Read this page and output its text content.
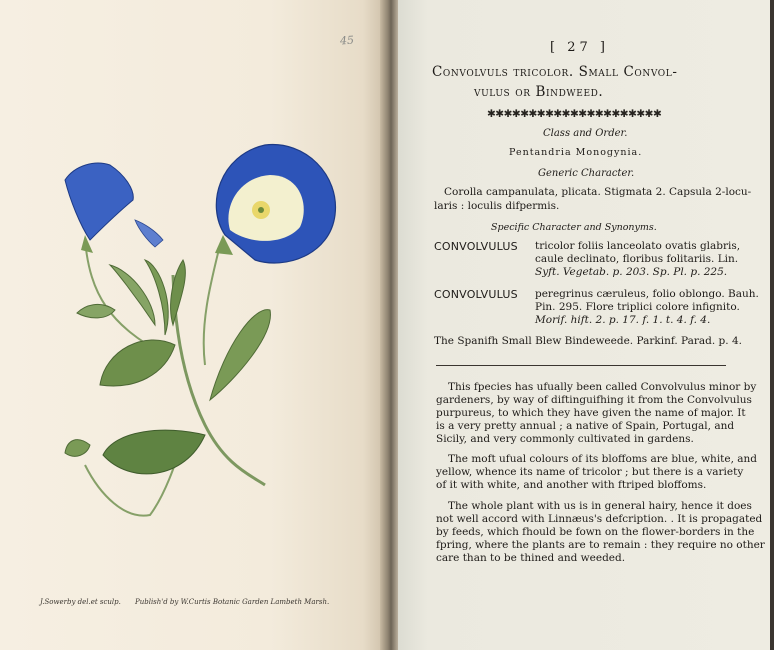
45
J.Sowerby del.et sculp. Publish'd by W.Curtis Botanic Garden Lambeth Marsh.
[ 27 ]
Convolvuls tricolor. Small Convol-
vulus or Bindweed.
✱✱✱✱✱✱✱✱✱✱✱✱✱✱✱✱✱✱✱✱✱
Class and Order.
Pentandria Monogynia.
Generic Character.
Corolla campanulata, plicata. Stigmata 2. Capsula 2-locu-
laris : loculis difpermis.
Specific Character and Synonyms.
CONVOLVULUS tricolor foliis lanceolato ovatis glabris,
caule declinato, floribus folitariis. Lin.
Syft. Vegetab. p. 203. Sp. Pl. p. 225.
CONVOLVULUS peregrinus cæruleus, folio oblongo. Bauh.
Pin. 295. Flore triplici colore infignito.
Morif. hift. 2. p. 17. f. 1. t. 4. f. 4.
The Spanifh Small Blew Bindeweede. Parkinf. Parad. p. 4.
This fpecies has ufually been called Convolvulus minor by
gardeners, by way of diftinguifhing it from the Convolvulus
purpureus, to which they have given the name of major. It
is a very pretty annual ; a native of Spain, Portugal, and
Sicily, and very commonly cultivated in gardens.
The moft ufual colours of its bloffoms are blue, white, and
yellow, whence its name of tricolor ; but there is a variety
of it with white, and another with ftriped bloffoms.
The whole plant with us is in general hairy, hence it does
not well accord with Linnæus's defcription. . It is propagated
by feeds, which fhould be fown on the flower-borders in the
fpring, where the plants are to remain : they require no other
care than to be thined and weeded.
